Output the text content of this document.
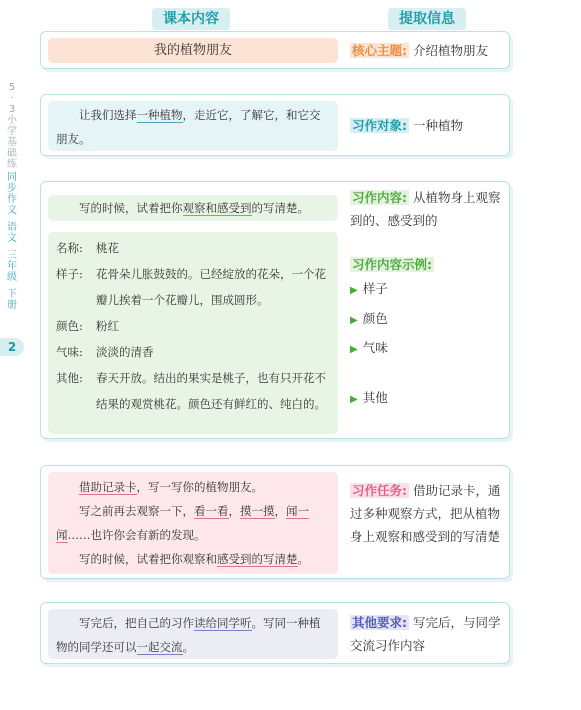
课本内容	提取信息
5
·
3
小
学
基
础
练
同
步
作
文
语
文
三
年
级
下
册
2
我的植物朋友	核心主题: 介绍植物朋友
让我们选择一种植物，走近它，了解它，和它交朋友。
习作对象: 一种植物
写的时候，试着把你观察和感受到的写清楚。
名称:	桃花
样子:	花骨朵儿胀鼓鼓的。已经绽放的花朵，一个花瓣儿挨着一个花瓣儿，围成圆形。
颜色:	粉红
气味:	淡淡的清香
其他:	春天开放。结出的果实是桃子，也有只开花不结果的观赏桃花。颜色还有鲜红的、纯白的。
习作内容: 从植物身上观察到的、感受到的
习作内容示例:
▶ 样子
▶ 颜色
▶ 气味
▶ 其他
借助记录卡，写一写你的植物朋友。
写之前再去观察一下，看一看，摸一摸，闻一闻……也许你会有新的发现。
写的时候，试着把你观察和感受到的写清楚。
习作任务: 借助记录卡，通过多种观察方式，把从植物身上观察和感受到的写清楚
写完后，把自己的习作读给同学听。写同一种植物的同学还可以一起交流。
其他要求: 写完后，与同学交流习作内容
